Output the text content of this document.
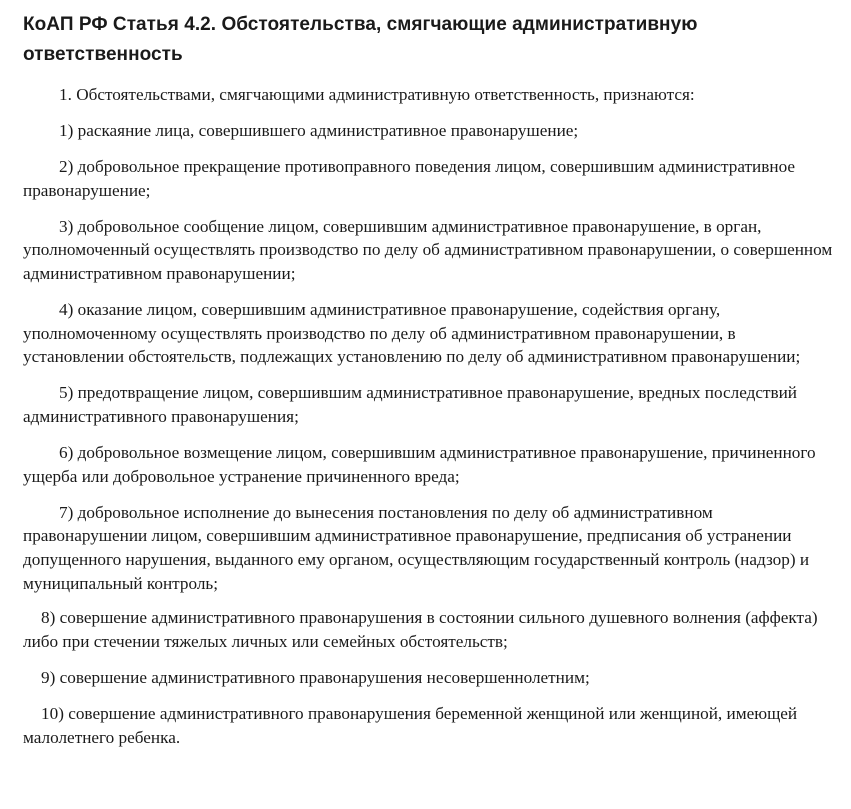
КоАП РФ Статья 4.2. Обстоятельства, смягчающие административную ответственность

1. Обстоятельствами, смягчающими административную ответственность, признаются:

1) раскаяние лица, совершившего административное правонарушение;

2) добровольное прекращение противоправного поведения лицом, совершившим административное правонарушение;

3) добровольное сообщение лицом, совершившим административное правонарушение, в орган, уполномоченный осуществлять производство по делу об административном правонарушении, о совершенном административном правонарушении;

4) оказание лицом, совершившим административное правонарушение, содействия органу, уполномоченному осуществлять производство по делу об административном правонарушении, в установлении обстоятельств, подлежащих установлению по делу об административном правонарушении;

5) предотвращение лицом, совершившим административное правонарушение, вредных последствий административного правонарушения;

6) добровольное возмещение лицом, совершившим административное правонарушение, причиненного ущерба или добровольное устранение причиненного вреда;

7) добровольное исполнение до вынесения постановления по делу об административном правонарушении лицом, совершившим административное правонарушение, предписания об устранении допущенного нарушения, выданного ему органом, осуществляющим государственный контроль (надзор) и муниципальный контроль;

8) совершение административного правонарушения в состоянии сильного душевного волнения (аффекта) либо при стечении тяжелых личных или семейных обстоятельств;

9) совершение административного правонарушения несовершеннолетним;

10) совершение административного правонарушения беременной женщиной или женщиной, имеющей малолетнего ребенка.
